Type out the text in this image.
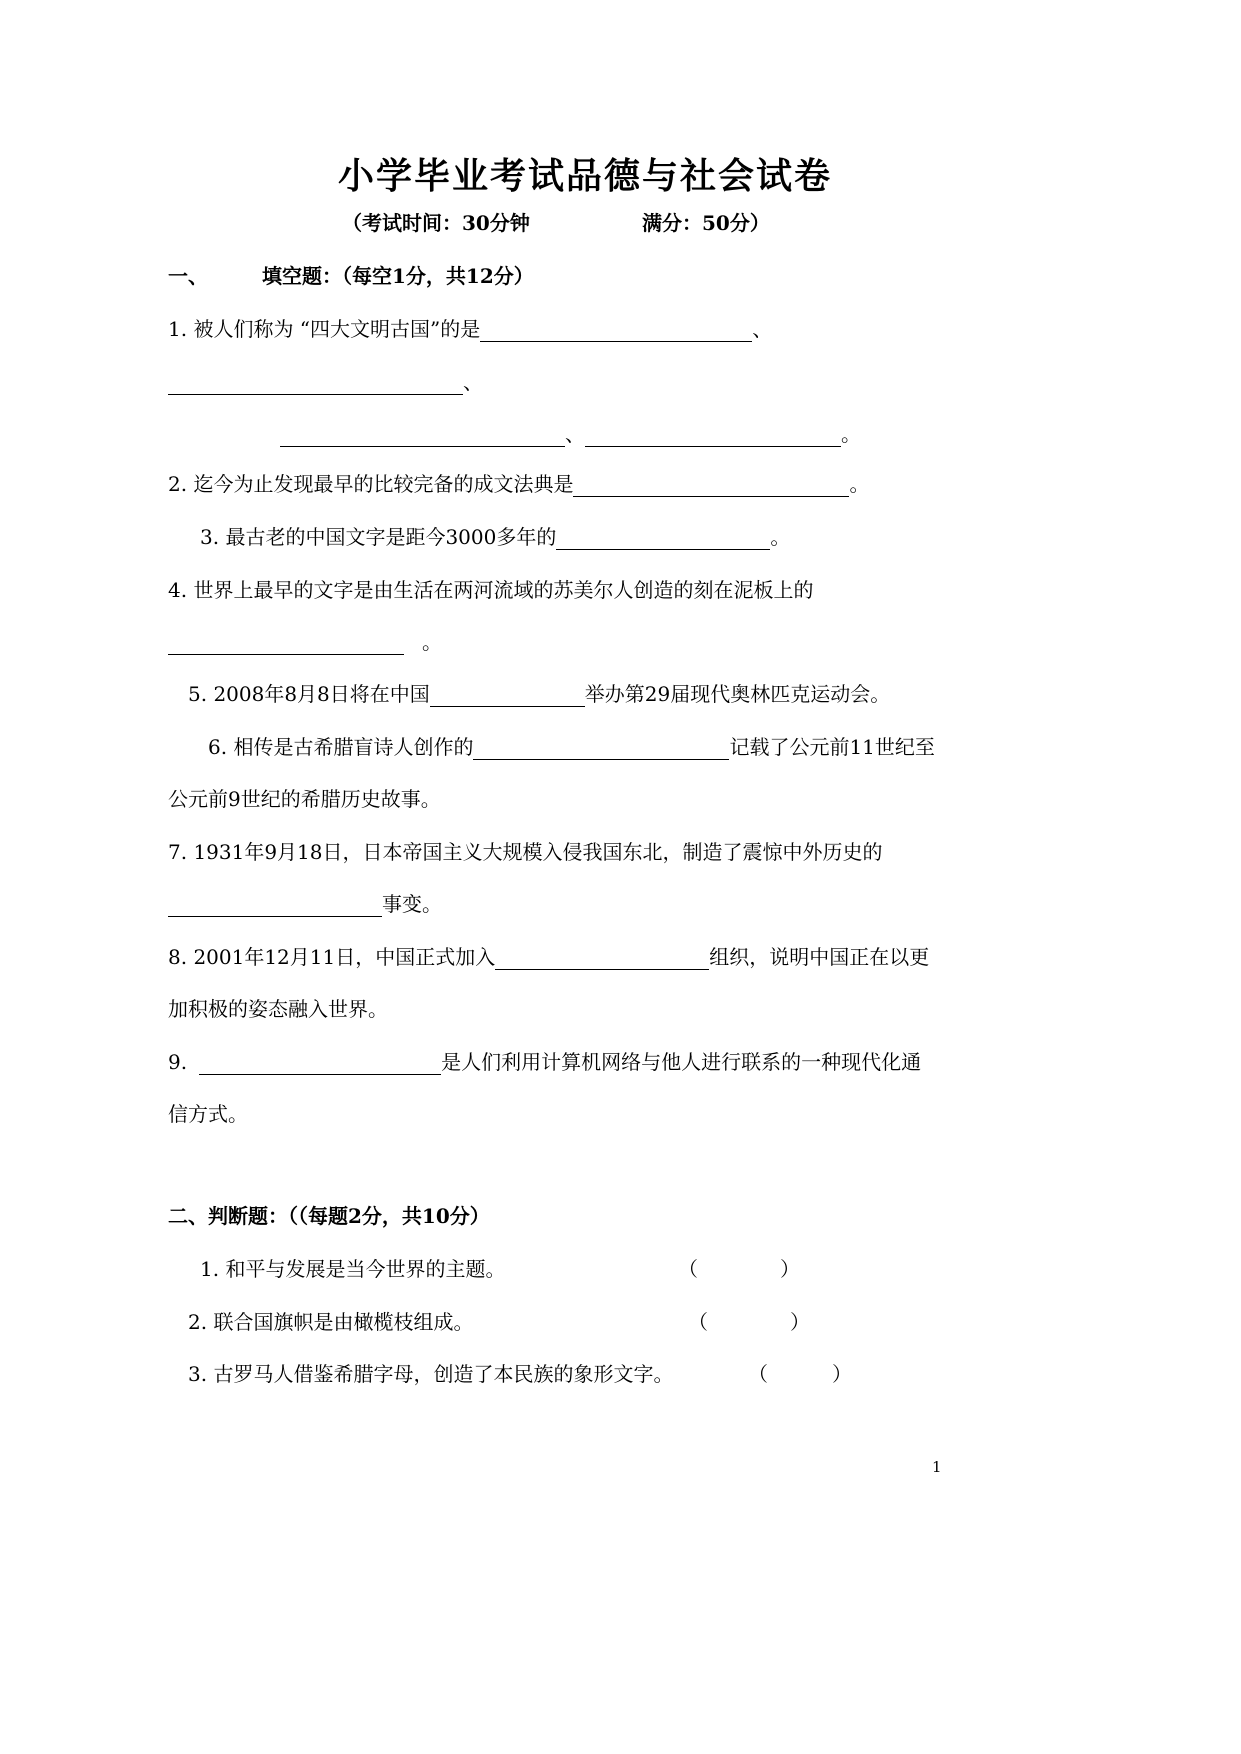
小学毕业考试品德与社会试卷
（考试时间：30分钟	满分：50分）
一、	填空题：（每空1分，共12分）
1. 被人们称为 “四大文明古国”的是	、
、
、	。
2. 迄今为止发现最早的比较完备的成文法典是	。
3. 最古老的中国文字是距今3000多年的	。
4. 世界上最早的文字是由生活在两河流域的苏美尔人创造的刻在泥板上的
。
5. 2008年8月8日将在中国	举办第29届现代奥林匹克运动会。
6. 相传是古希腊盲诗人创作的	记载了公元前11世纪至
公元前9世纪的希腊历史故事。
7. 1931年9月18日，日本帝国主义大规模入侵我国东北，制造了震惊中外历史的
事变。
8. 2001年12月11日，中国正式加入	组织，说明中国正在以更
加积极的姿态融入世界。
9.	是人们利用计算机网络与他人进行联系的一种现代化通
信方式。
二、判断题：（（每题2分，共10分）
1. 和平与发展是当今世界的主题。	（	）
2. 联合国旗帜是由橄榄枝组成。	（	）
3. 古罗马人借鉴希腊字母，创造了本民族的象形文字。	（	）
1
